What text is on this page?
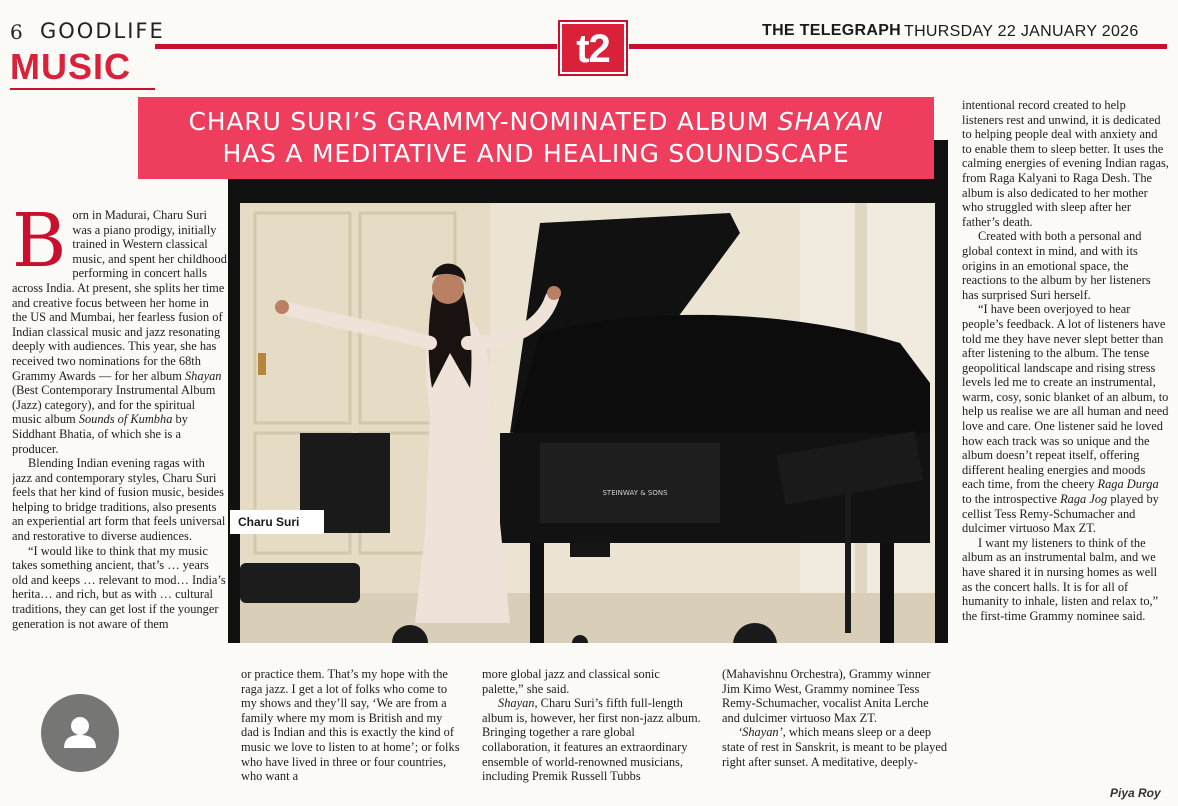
6 GOODLIFE
MUSIC	t2	THE TELEGRAPH THURSDAY 22 JANUARY 2026
STEINWAY & SONS
Charu Suri
CHARU SURI’S GRAMMY-NOMINATED ALBUM SHAYAN
HAS A MEDITATIVE AND HEALING SOUNDSCAPE
B orn in Madurai, Charu Suri was a piano prodigy, initially trained in Western classical music, and spent her childhood performing in concert halls across India. At present, she splits her time and creative focus between her home in the US and Mumbai, her fearless fusion of Indian classical music and jazz resonating deeply with audiences. This year, she has received two nominations for the 68th Grammy Awards — for her album Shayan (Best Contemporary Instrumental Album (Jazz) category), and for the spiritual music album Sounds of Kumbha by Siddhant Bhatia, of which she is a producer.

Blending Indian evening ragas with jazz and contemporary styles, Charu Suri feels that her kind of fusion music, besides helping to bridge traditions, also presents an experiential art form that feels universal and restorative to diverse audiences.

“I would like to think that my music takes something ancient, that’s … years old and keeps … relevant to mod… India’s herita… and rich, but as with … cultural traditions, they can get lost if the younger generation is not aware of them

or practice them. That’s my hope with the raga jazz. I get a lot of folks who come to my shows and they’ll say, ‘We are from a family where my mom is British and my dad is Indian and this is exactly the kind of music we love to listen to at home’; or folks who have lived in three or four countries, who want a

more global jazz and classical sonic palette,” she said.

Shayan, Charu Suri’s fifth full-length album is, however, her first non-jazz album. Bringing together a rare global collaboration, it features an extraordinary ensemble of world-renowned musicians, including Premik Russell Tubbs

(Mahavishnu Orchestra), Grammy winner Jim Kimo West, Grammy nominee Tess Remy-Schumacher, vocalist Anita Lerche and dulcimer virtuoso Max ZT.

‘Shayan’, which means sleep or a deep state of rest in Sanskrit, is meant to be played right after sunset. A meditative, deeply-

intentional record created to help listeners rest and unwind, it is dedicated to helping people deal with anxiety and to enable them to sleep better. It uses the calming energies of evening Indian ragas, from Raga Kalyani to Raga Desh. The album is also dedicated to her mother who struggled with sleep after her father’s death.

Created with both a personal and global context in mind, and with its origins in an emotional space, the reactions to the album by her listeners has surprised Suri herself.

“I have been overjoyed to hear people’s feedback. A lot of listeners have told me they have never slept better than after listening to the album. The tense geopolitical landscape and rising stress levels led me to create an instrumental, warm, cosy, sonic blanket of an album, to help us realise we are all human and need love and care. One listener said he loved how each track was so unique and the album doesn’t repeat itself, offering different healing energies and moods each time, from the cheery Raga Durga to the introspective Raga Jog played by cellist Tess Remy-Schumacher and dulcimer virtuoso Max ZT.

I want my listeners to think of the album as an instrumental balm, and we have shared it in nursing homes as well as the concert halls. It is for all of humanity to inhale, listen and relax to,” the first-time Grammy nominee said.

Piya Roy
